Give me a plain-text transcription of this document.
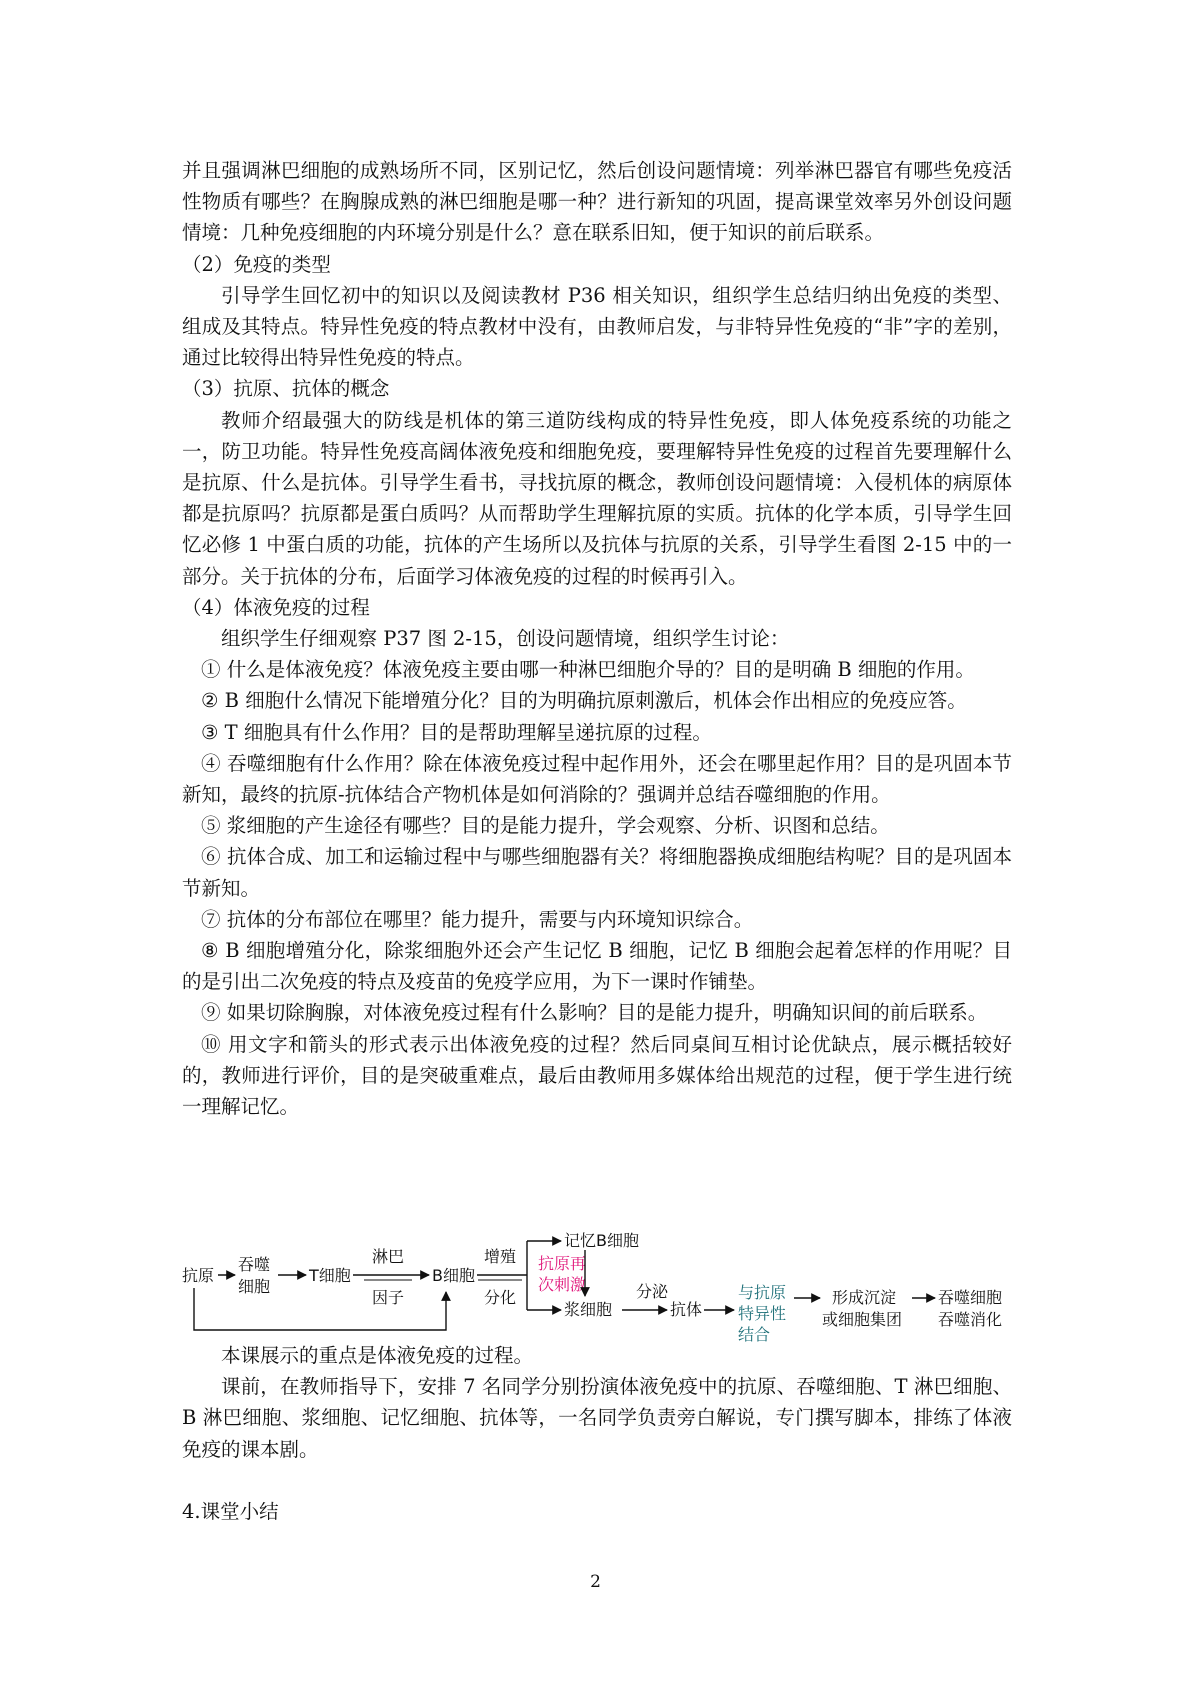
并且强调淋巴细胞的成熟场所不同，区别记忆，然后创设问题情境：列举淋巴器官有哪些免疫活性物质有哪些？在胸腺成熟的淋巴细胞是哪一种？进行新知的巩固，提高课堂效率另外创设问题情境：几种免疫细胞的内环境分别是什么？意在联系旧知，便于知识的前后联系。

（2）免疫的类型

引导学生回忆初中的知识以及阅读教材 P36 相关知识，组织学生总结归纳出免疫的类型、组成及其特点。特异性免疫的特点教材中没有，由教师启发，与非特异性免疫的“非”字的差别，通过比较得出特异性免疫的特点。

（3）抗原、抗体的概念

教师介绍最强大的防线是机体的第三道防线构成的特异性免疫，即人体免疫系统的功能之一，防卫功能。特异性免疫高阔体液免疫和细胞免疫，要理解特异性免疫的过程首先要理解什么是抗原、什么是抗体。引导学生看书，寻找抗原的概念，教师创设问题情境：入侵机体的病原体都是抗原吗？抗原都是蛋白质吗？从而帮助学生理解抗原的实质。抗体的化学本质，引导学生回忆必修 1 中蛋白质的功能，抗体的产生场所以及抗体与抗原的关系，引导学生看图 2-15 中的一部分。关于抗体的分布，后面学习体液免疫的过程的时候再引入。

（4）体液免疫的过程

组织学生仔细观察 P37 图 2-15，创设问题情境，组织学生讨论：

① 什么是体液免疫？体液免疫主要由哪一种淋巴细胞介导的？目的是明确 B 细胞的作用。

② B 细胞什么情况下能增殖分化？目的为明确抗原刺激后，机体会作出相应的免疫应答。

③ T 细胞具有什么作用？目的是帮助理解呈递抗原的过程。

④ 吞噬细胞有什么作用？除在体液免疫过程中起作用外，还会在哪里起作用？目的是巩固本节新知，最终的抗原-抗体结合产物机体是如何消除的？强调并总结吞噬细胞的作用。

⑤ 浆细胞的产生途径有哪些？目的是能力提升，学会观察、分析、识图和总结。

⑥ 抗体合成、加工和运输过程中与哪些细胞器有关？将细胞器换成细胞结构呢？目的是巩固本节新知。

⑦ 抗体的分布部位在哪里？能力提升，需要与内环境知识综合。

⑧ B 细胞增殖分化，除浆细胞外还会产生记忆 B 细胞，记忆 B 细胞会起着怎样的作用呢？目的是引出二次免疫的特点及疫苗的免疫学应用，为下一课时作铺垫。

⑨ 如果切除胸腺，对体液免疫过程有什么影响？目的是能力提升，明确知识间的前后联系。

⑩ 用文字和箭头的形式表示出体液免疫的过程？然后同桌间互相讨论优缺点，展示概括较好的，教师进行评价，目的是突破重难点，最后由教师用多媒体给出规范的过程，便于学生进行统一理解记忆。

抗原
吞噬
细胞
T细胞
淋巴
因子
B细胞
增殖
分化
记忆B细胞
抗原再
次刺激
浆细胞
分泌
抗体
与抗原
特异性
结合
形成沉淀
或细胞集团
吞噬细胞
吞噬消化

本课展示的重点是体液免疫的过程。

课前，在教师指导下，安排 7 名同学分别扮演体液免疫中的抗原、吞噬细胞、T 淋巴细胞、B 淋巴细胞、浆细胞、记忆细胞、抗体等，一名同学负责旁白解说，专门撰写脚本，排练了体液免疫的课本剧。

4.课堂小结

2
